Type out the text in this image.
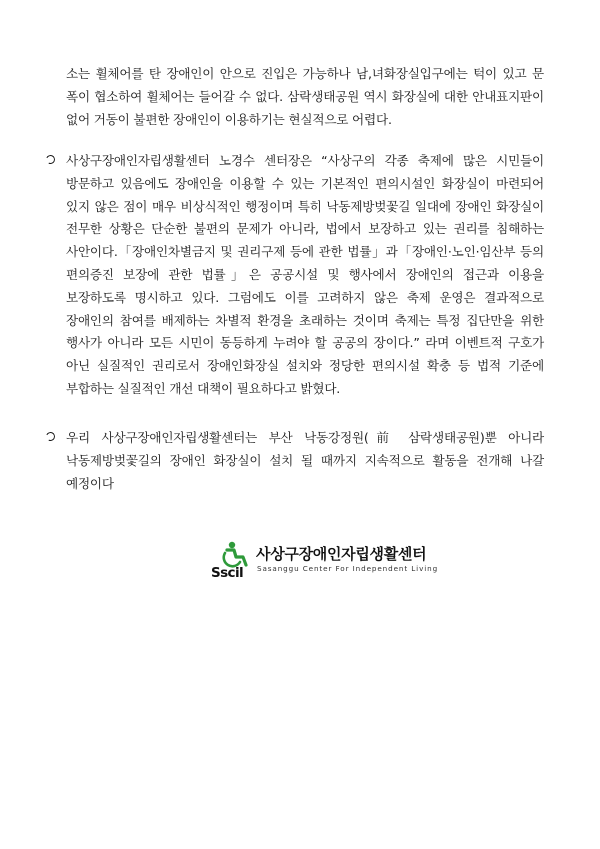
소는 휠체어를 탄 장애인이 안으로 진입은 가능하나 남,녀화장실입구에는 턱이 있고 문 폭이 협소하여 휠체어는 들어갈 수 없다. 삼락생태공원 역시 화장실에 대한 안내표지판이 없어 거동이 불편한 장애인이 이용하기는 현실적으로 어렵다.

사상구장애인자립생활센터 노경수 센터장은 “사상구의 각종 축제에 많은 시민들이 방문하고 있음에도 장애인을 이용할 수 있는 기본적인 편의시설인 화장실이 마련되어 있지 않은 점이 매우 비상식적인 행정이며 특히 낙동제방벚꽃길 일대에 장애인 화장실이 전무한 상황은 단순한 불편의 문제가 아니라, 법에서 보장하고 있는 권리를 침해하는 사안이다.「장애인차별금지 및 권리구제 등에 관한 법률」과「장애인·노인·임산부 등의 편의증진 보장에 관한 법률」은 공공시설 및 행사에서 장애인의 접근과 이용을 보장하도록 명시하고 있다. 그럼에도 이를 고려하지 않은 축제 운영은 결과적으로 장애인의 참여를 배제하는 차별적 환경을 초래하는 것이며 축제는 특정 집단만을 위한 행사가 아니라 모든 시민이 동등하게 누려야 할 공공의 장이다.” 라며 이벤트적 구호가 아닌 실질적인 권리로서 장애인화장실 설치와 정당한 편의시설 확충 등 법적 기준에 부합하는 실질적인 개선 대책이 필요하다고 밝혔다.

우리 사상구장애인자립생활센터는 부산 낙동강정원(前 삼락생태공원)뿐 아니라 낙동제방벚꽃길의 장애인 화장실이 설치 될 때까지 지속적으로 활동을 전개해 나갈 예정이다

Sscil
사상구장애인자립생활센터
Sasanggu Center For Independent Living
